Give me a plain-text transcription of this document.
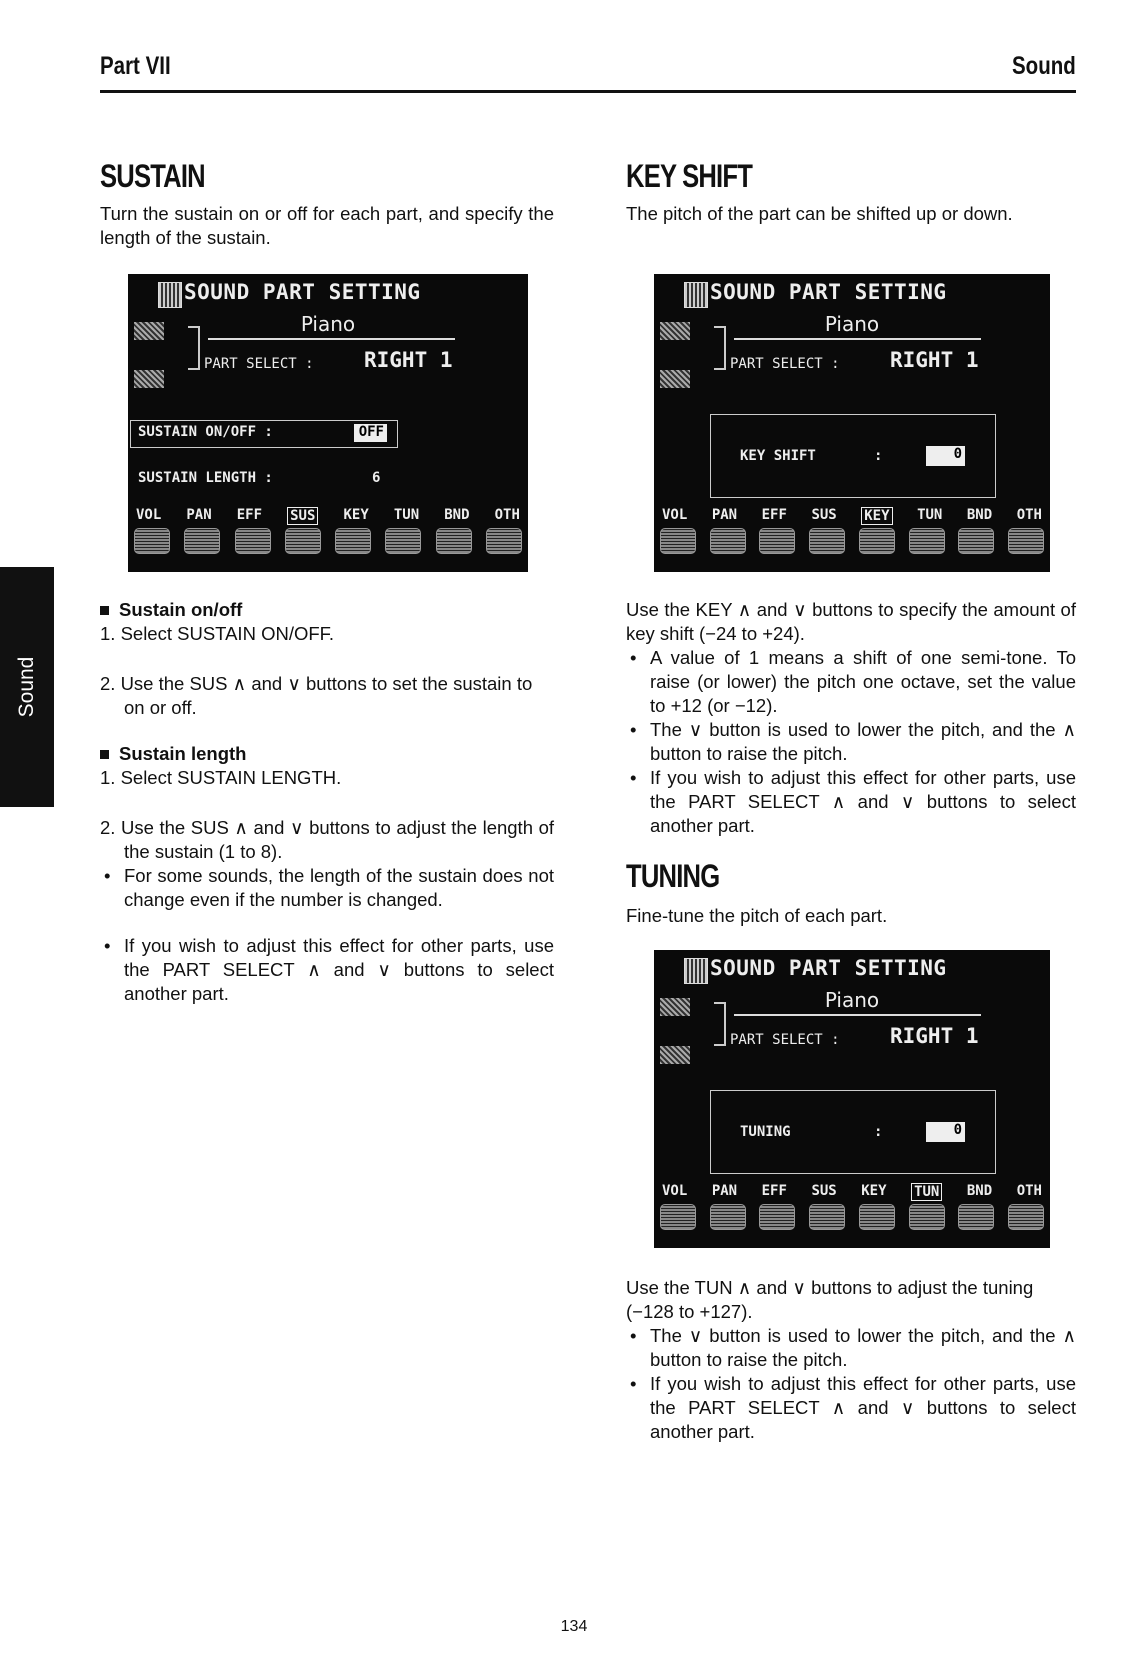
Part VII	Sound
Sound
SUSTAIN

Turn the sustain on or off for each part, and specify the length of the sustain.

SOUND PART SETTING
Piano
PART SELECT : RIGHT 1
SUSTAIN ON/OFF :	OFF
SUSTAIN LENGTH :	6
VOL PAN EFF SUS KEY TUN BND OTH

Sustain on/off

1. Select SUSTAIN ON/OFF.

2. Use the SUS ∧ and ∨ buttons to set the sustain to on or off.

Sustain length

1. Select SUSTAIN LENGTH.

2. Use the SUS ∧ and ∨ buttons to adjust the length of the sustain (1 to 8).

• For some sounds, the length of the sustain does not change even if the number is changed.

• If you wish to adjust this effect for other parts, use the PART SELECT ∧ and ∨ buttons to select another part.

KEY SHIFT

The pitch of the part can be shifted up or down.

SOUND PART SETTING
Piano
PART SELECT : RIGHT 1
KEY SHIFT	:	0
VOL PAN EFF SUS KEY TUN BND OTH

Use the KEY ∧ and ∨ buttons to specify the amount of key shift (−24 to +24).

• A value of 1 means a shift of one semi-tone. To raise (or lower) the pitch one octave, set the value to +12 (or −12).

• The ∨ button is used to lower the pitch, and the ∧ button to raise the pitch.

• If you wish to adjust this effect for other parts, use the PART SELECT ∧ and ∨ buttons to select another part.

TUNING

Fine-tune the pitch of each part.

SOUND PART SETTING
Piano
PART SELECT : RIGHT 1
TUNING	:	0
VOL PAN EFF SUS KEY TUN BND OTH

Use the TUN ∧ and ∨ buttons to adjust the tuning (−128 to +127).

• The ∨ button is used to lower the pitch, and the ∧ button to raise the pitch.

• If you wish to adjust this effect for other parts, use the PART SELECT ∧ and ∨ buttons to select another part.

134
